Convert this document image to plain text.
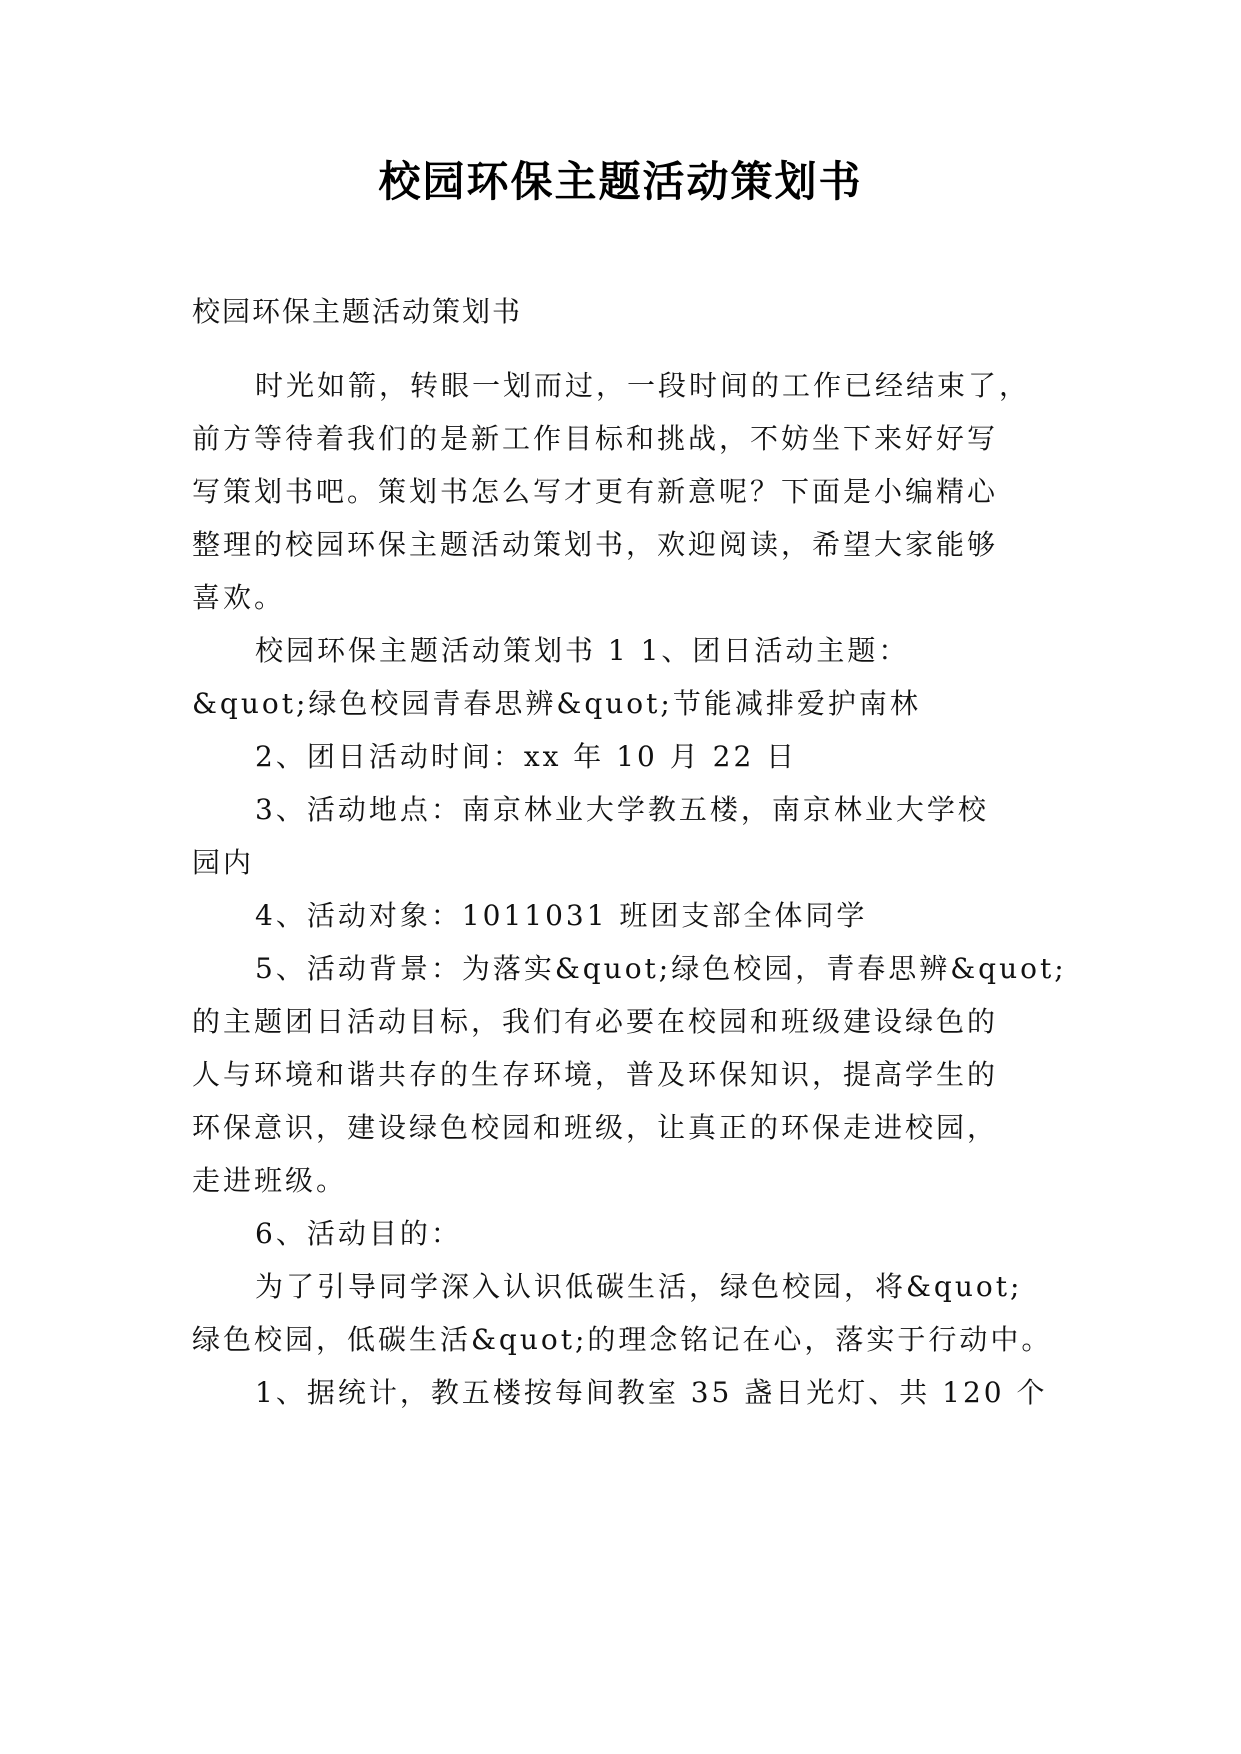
校园环保主题活动策划书

校园环保主题活动策划书

时光如箭，转眼一划而过，一段时间的工作已经结束了，

前方等待着我们的是新工作目标和挑战，不妨坐下来好好写

写策划书吧。策划书怎么写才更有新意呢？下面是小编精心

整理的校园环保主题活动策划书，欢迎阅读，希望大家能够

喜欢。

校园环保主题活动策划书 1 1、团日活动主题：

&quot;绿色校园青春思辨&quot;节能减排爱护南林

2、团日活动时间：xx 年 10 月 22 日

3、活动地点：南京林业大学教五楼，南京林业大学校

园内

4、活动对象：1011031 班团支部全体同学

5、活动背景：为落实&quot;绿色校园，青春思辨&quot;

的主题团日活动目标，我们有必要在校园和班级建设绿色的

人与环境和谐共存的生存环境，普及环保知识，提高学生的

环保意识，建设绿色校园和班级，让真正的环保走进校园，

走进班级。

6、活动目的：

为了引导同学深入认识低碳生活，绿色校园，将&quot;

绿色校园，低碳生活&quot;的理念铭记在心，落实于行动中。

1、据统计，教五楼按每间教室 35 盏日光灯、共 120 个
